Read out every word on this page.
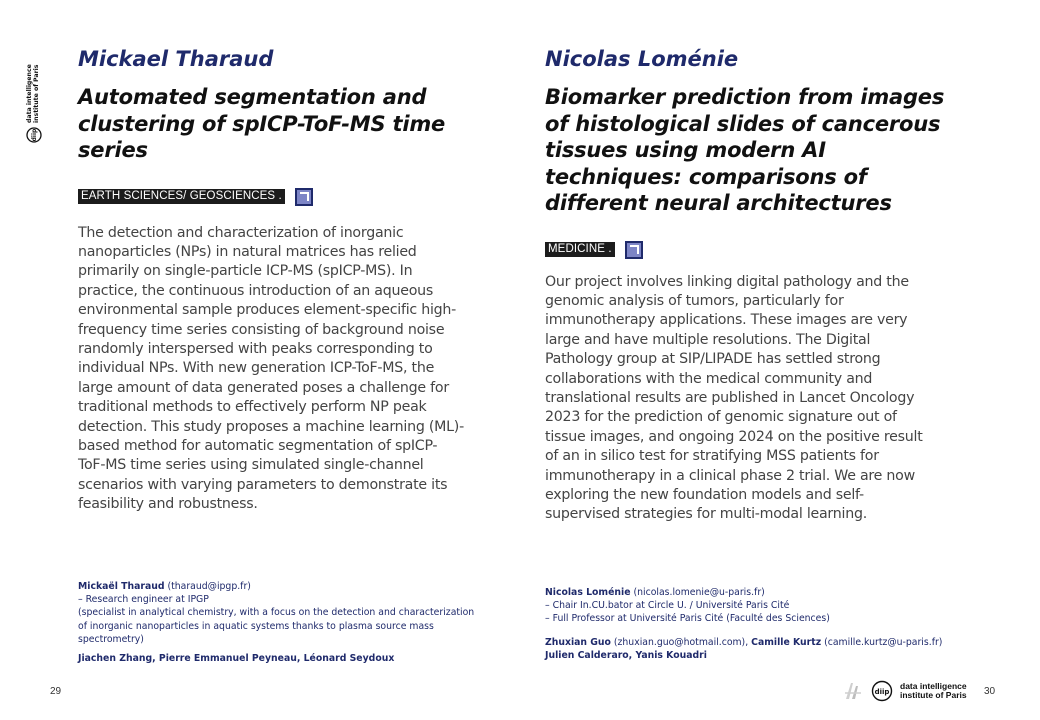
diip
data intelligence institute of Paris
Mickael Tharaud
Automated segmentation and
clustering of spICP-ToF-MS time
series
EARTH SCIENCES/ GEOSCIENCES .
The detection and characterization of inorganic
nanoparticles (NPs) in natural matrices has relied
primarily on single-particle ICP-MS (spICP-MS). In
practice, the continuous introduction of an aqueous
environmental sample produces element-specific high-
frequency time series consisting of background noise
randomly interspersed with peaks corresponding to
individual NPs. With new generation ICP-ToF-MS, the
large amount of data generated poses a challenge for
traditional methods to effectively perform NP peak
detection. This study proposes a machine learning (ML)-
based method for automatic segmentation of spICP-
ToF-MS time series using simulated single-channel
scenarios with varying parameters to demonstrate its
feasibility and robustness.
Mickaël Tharaud (tharaud@ipgp.fr)
– Research engineer at IPGP
(specialist in analytical chemistry, with a focus on the detection and characterization
of inorganic nanoparticles in aquatic systems thanks to plasma source mass
spectrometry)
Jiachen Zhang, Pierre Emmanuel Peyneau, Léonard Seydoux
Nicolas Loménie
Biomarker prediction from images
of histological slides of cancerous
tissues using modern AI
techniques: comparisons of
different neural architectures
MEDICINE .
Our project involves linking digital pathology and the
genomic analysis of tumors, particularly for
immunotherapy applications. These images are very
large and have multiple resolutions. The Digital
Pathology group at SIP/LIPADE has settled strong
collaborations with the medical community and
translational results are published in Lancet Oncology
2023 for the prediction of genomic signature out of
tissue images, and ongoing 2024 on the positive result
of an in silico test for stratifying MSS patients for
immunotherapy in a clinical phase 2 trial. We are now
exploring the new foundation models and self-
supervised strategies for multi-modal learning.
Nicolas Loménie (nicolas.lomenie@u-paris.fr)
– Chair In.CU.bator at Circle U. / Université Paris Cité
– Full Professor at Université Paris Cité (Faculté des Sciences)
Zhuxian Guo (zhuxian.guo@hotmail.com), Camille Kurtz (camille.kurtz@u-paris.fr)
Julien Calderaro, Yanis Kouadri
29	30
diip
data intelligence
institute of Paris
